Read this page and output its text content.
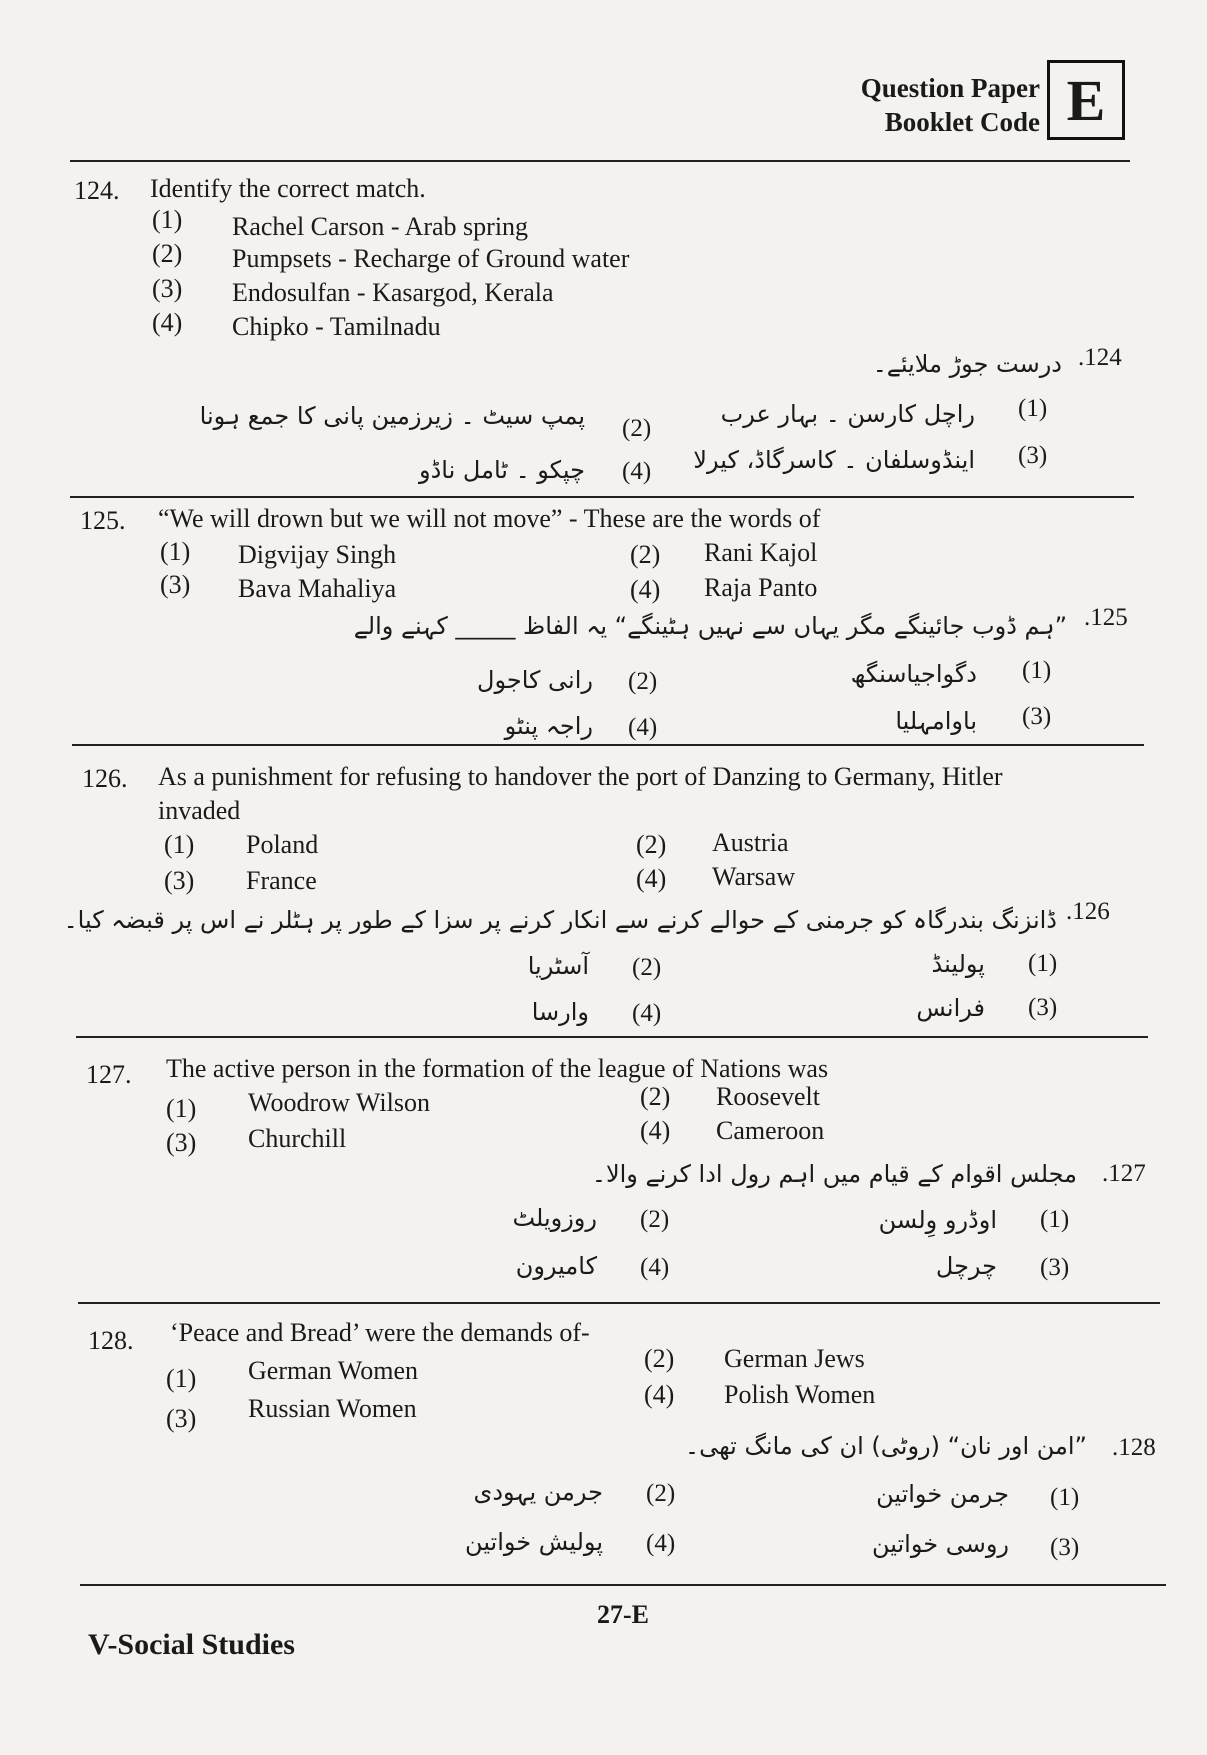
Question Paper
Booklet Code E
124. Identify the correct match.
(1) Rachel Carson - Arab spring
(2) Pumpsets - Recharge of Ground water
(3) Endosulfan - Kasargod, Kerala
(4) Chipko - Tamilnadu
.124
درست جوڑ ملایئے۔
(1)
راچل کارسن ۔ بہار عرب
(2)
پمپ سیٹ ۔ زیرزمین پانی کا جمع ہونا
(3)
اینڈوسلفان ۔ کاسرگاڈ، کیرلا
(4)
چپکو ۔ ٹامل ناڈو
125. “We will drown but we will not move” - These are the words of
(1) Digvijay Singh	(2) Rani Kajol
(3) Bava Mahaliya	(4) Raja Panto
.125
”ہم ڈوب جائینگے مگر یہاں سے نہیں ہٹینگے“ یہ الفاظ _____ کہنے والے
(1)
دگواجیاسنگھ
(2)
رانی کاجول
(3)
باوامہلیا
(4)
راجہ پنٹو
126. As a punishment for refusing to handover the port of Danzing to Germany, Hitler
invaded
(1) Poland	(2) Austria
(3) France	(4) Warsaw
.126
ڈانزنگ بندرگاہ کو جرمنی کے حوالے کرنے سے انکار کرنے پر سزا کے طور پر ہٹلر نے اس پر قبضہ کیا۔
(1)
پولینڈ
(2)
آسٹریا
(3)
فرانس
(4)
وارسا
127. The active person in the formation of the league of Nations was
(1) Woodrow Wilson	(2) Roosevelt
(3) Churchill	(4) Cameroon
.127
مجلس اقوام کے قیام میں اہم رول ادا کرنے والا۔
(1)
اوڈرو وِلسن
(2)
روزویلٹ
(3)
چرچل
(4)
کامیرون
128. ‘Peace and Bread’ were the demands of-
(1) German Women	(2) German Jews
(3) Russian Women	(4) Polish Women
.128
”امن اور نان“ (روٹی) ان کی مانگ تھی۔
(1)
جرمن خواتین
(2)
جرمن یہودی
(3)
روسی خواتین
(4)
پولیش خواتین
27-E
V-Social Studies
